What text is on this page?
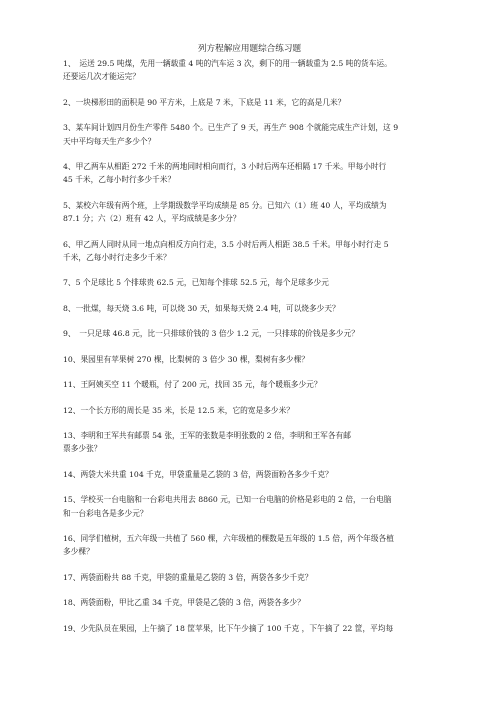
列方程解应用题综合练习题

1、　运送 29.5 吨煤，先用一辆载重 4 吨的汽车运 3 次，剩下的用一辆载重为 2.5 吨的货车运。

还要运几次才能运完？

2、一块梯形田的面积是 90 平方米，上底是 7 米，下底是 11 米，它的高是几米？

3、某车间计划四月份生产零件 5480 个。已生产了 9 天，再生产 908 个就能完成生产计划，这 9

天中平均每天生产多少个？

4、甲乙两车从相距 272 千米的两地同时相向而行，3 小时后两车还相隔 17 千米。甲每小时行

45 千米，乙每小时行多少千米？

5、某校六年级有两个班，上学期级数学平均成绩是 85 分。已知六（1）班 40 人，平均成绩为

87.1 分；六（2）班有 42 人，平均成绩是多少分？

6、甲乙两人同时从同一地点向相反方向行走，3.5 小时后两人相距 38.5 千米。甲每小时行走 5

千米，乙每小时行走多少千米？

7、5 个足球比 5 个排球贵 62.5 元，已知每个排球 52.5 元，每个足球多少元

8、一批煤，每天烧 3.6 吨，可以烧 30 天，如果每天烧 2.4 吨，可以烧多少天？

9、　一只足球 46.8 元，比一只排球价钱的 3 倍少 1.2 元，一只排球的价钱是多少元？

10、果园里有苹果树 270 棵，比梨树的 3 倍少 30 棵，梨树有多少棵？

11、王阿姨买空 11 个暖瓶，付了 200 元，找回 35 元，每个暖瓶多少元？

12、一个长方形的周长是 35 米，长是 12.5 米，它的宽是多少米？

13、李明和王军共有邮票 54 张，王军的张数是李明张数的 2 倍，李明和王军各有邮

票多少张？

14、两袋大米共重 104 千克，甲袋重量是乙袋的 3 倍，两袋面粉各多少千克？

15、学校买一台电脑和一台彩电共用去 8860 元，已知一台电脑的价格是彩电的 2 倍，一台电脑

和一台彩电各是多少元？

16、同学们植树，五六年级一共植了 560 棵，六年级植的棵数是五年级的 1.5 倍，两个年级各植

多少棵？

17、两袋面粉共 88 千克，甲袋的重量是乙袋的 3 倍，两袋各多少千克？

18、两袋面粉，甲比乙重 34 千克，甲袋是乙袋的 3 倍，两袋各多少？

19、少先队员在果园，上午摘了 18 筐苹果，比下午少摘了 100 千克 ，下午摘了 22 筐，平均每
